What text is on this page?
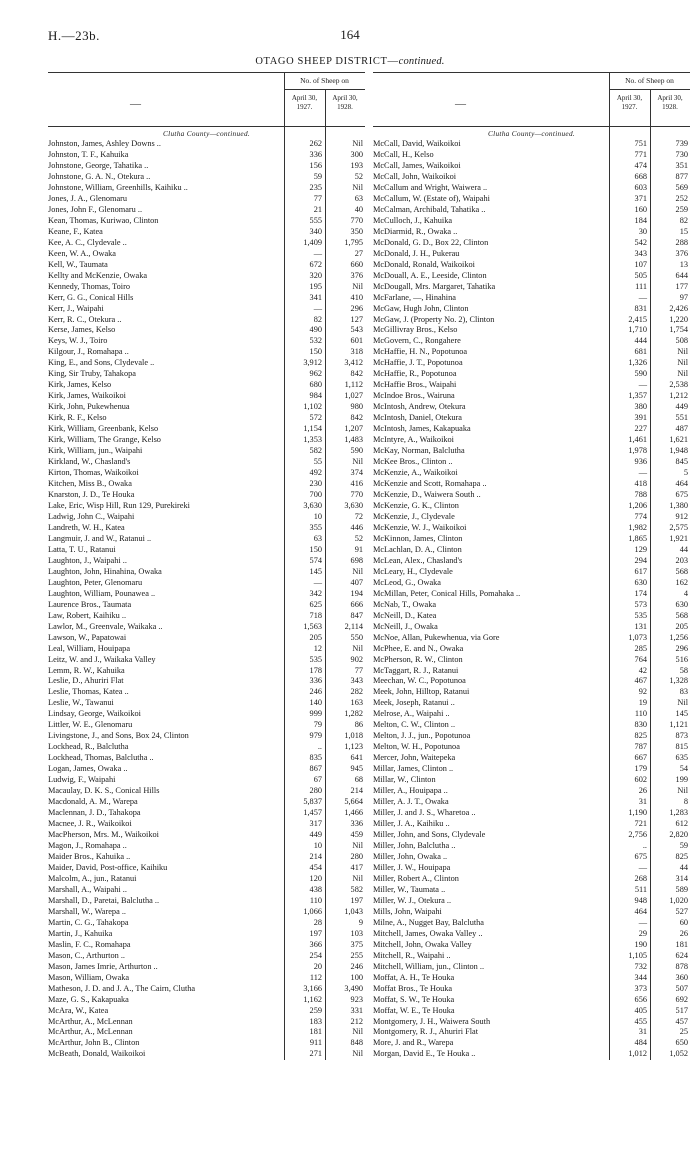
H.—23b.	164
OTAGO SHEEP DISTRICT—continued.
—
No. of Sheep on
April 30, 1927.
April 30, 1928.
Clutha County—continued.
Johnston, James, Ashley Downs ..	262	Nil
Johnston, T. F., Kahuika	336	300
Johnstone, George, Tahatika ..	156	193
Johnstone, G. A. N., Otekura ..	59	52
Johnstone, William, Greenhills, Kaihiku ..	235	Nil
Jones, J. A., Glenomaru	77	63
Jones, John F., Glenomaru ..	21	40
Kean, Thomas, Kuriwao, Clinton	555	770
Keane, F., Katea	340	350
Kee, A. C., Clydevale ..	1,409	1,795
Keen, W. A., Owaka	—	27
Kell, W., Taumata	672	660
Kellty and McKenzie, Owaka	320	376
Kennedy, Thomas, Toiro	195	Nil
Kerr, G. G., Conical Hills	341	410
Kerr, J., Waipahi	—	296
Kerr, R. C., Otekura ..	82	127
Kerse, James, Kelso	490	543
Keys, W. J., Toiro	532	601
Kilgour, J., Romahapa ..	150	318
King, E., and Sons, Clydevale ..	3,912	3,412
King, Sir Truby, Tahakopa	962	842
Kirk, James, Kelso	680	1,112
Kirk, James, Waikoikoi	984	1,027
Kirk, John, Pukewhenua	1,102	980
Kirk, R. F., Kelso	572	842
Kirk, William, Greenbank, Kelso	1,154	1,207
Kirk, William, The Grange, Kelso	1,353	1,483
Kirk, William, jun., Waipahi	582	590
Kirkland, W., Chasland's	55	Nil
Kirton, Thomas, Waikoikoi	492	374
Kitchen, Miss B., Owaka	230	416
Knarston, J. D., Te Houka	700	770
Lake, Eric, Wisp Hill, Run 129, Purekireki	3,630	3,630
Ladwig, John C., Waipahi	10	72
Landreth, W. H., Katea	355	446
Langmuir, J. and W., Ratanui ..	63	52
Latta, T. U., Ratanui	150	91
Laughton, J., Waipahi ..	574	698
Laughton, John, Hinahina, Owaka	145	Nil
Laughton, Peter, Glenomaru	—	407
Laughton, William, Pounawea ..	342	194
Laurence Bros., Taumata	625	666
Law, Robert, Kaihiku ..	718	847
Lawlor, M., Greenvale, Waikaka ..	1,563	2,114
Lawson, W., Papatowai	205	550
Leal, William, Houipapa	12	Nil
Leitz, W. and J., Waikaka Valley	535	902
Lemm, R. W., Kahuika	178	77
Leslie, D., Ahuriri Flat	336	343
Leslie, Thomas, Katea ..	246	282
Leslie, W., Tawanui	140	163
Lindsay, George, Waikoikoi	999	1,282
Littler, W. E., Glenomaru	79	86
Livingstone, J., and Sons, Box 24, Clinton	979	1,018
Lockhead, R., Balclutha	..	1,123
Lockhead, Thomas, Balclutha ..	835	641
Logan, James, Owaka ..	867	945
Ludwig, F., Waipahi	67	68
Macaulay, D. K. S., Conical Hills	280	214
Macdonald, A. M., Warepa	5,837	5,664
Maclennan, J. D., Tahakopa	1,457	1,466
Macnee, J. R., Waikoikoi	317	336
MacPherson, Mrs. M., Waikoikoi	449	459
Magon, J., Romahapa ..	10	Nil
Maider Bros., Kahuika ..	214	280
Maider, David, Post-office, Kaihiku	454	417
Malcolm, A., jun., Ratanui	120	Nil
Marshall, A., Waipahi ..	438	582
Marshall, D., Paretai, Balclutha ..	110	197
Marshall, W., Warepa ..	1,066	1,043
Martin, C. G., Tahakopa	28	9
Martin, J., Kahuika	197	103
Maslin, F. C., Romahapa	366	375
Mason, C., Arthurton ..	254	255
Mason, James Imrie, Arthurton ..	20	246
Mason, William, Owaka	112	100
Matheson, J. D. and J. A., The Cairn, Clutha	3,166	3,490
Maze, G. S., Kakapuaka	1,162	923
McAra, W., Katea	259	331
McArthur, A., McLennan	183	212
McArthur, A., McLennan	181	Nil
McArthur, John B., Clinton	911	848
McBeath, Donald, Waikoikoi	271	Nil
—
No. of Sheep on
April 30, 1927.
April 30, 1928.
Clutha County—continued.
McCall, David, Waikoikoi	751	739
McCall, H., Kelso	771	730
McCall, James, Waikoikoi	474	351
McCall, John, Waikoikoi	668	877
McCallum and Wright, Waiwera ..	603	569
McCallum, W. (Estate of), Waipahi	371	252
McCalman, Archibald, Tahatika ..	160	259
McCulloch, J., Kahuika	184	82
McDiarmid, R., Owaka ..	30	15
McDonald, G. D., Box 22, Clinton	542	288
McDonald, J. H., Pukerau	343	376
McDonald, Ronald, Waikoikoi	107	13
McDouall, A. E., Leeside, Clinton	505	644
McDougall, Mrs. Margaret, Tahatika	111	177
McFarlane, —, Hinahina	—	97
McGaw, Hugh John, Clinton	831	2,426
McGaw, J. (Property No. 2), Clinton	2,415	1,220
McGillivray Bros., Kelso	1,710	1,754
McGovern, C., Rongahere	444	508
McHaffie, H. N., Popotunoa	681	Nil
McHaffie, J. T., Popotunoa	1,326	Nil
McHaffie, R., Popotunoa	590	Nil
McHaffie Bros., Waipahi	—	2,538
McIndoe Bros., Wairuna	1,357	1,212
McIntosh, Andrew, Otekura	380	449
McIntosh, Daniel, Otekura	391	551
McIntosh, James, Kakapuaka	227	487
McIntyre, A., Waikoikoi	1,461	1,621
McKay, Norman, Balclutha	1,978	1,948
McKee Bros., Clinton ..	936	845
McKenzie, A., Waikoikoi	—	5
McKenzie and Scott, Romahapa ..	418	464
McKenzie, D., Waiwera South ..	788	675
McKenzie, G. K., Clinton	1,206	1,380
McKenzie, J., Clydevale	774	912
McKenzie, W. J., Waikoikoi	1,982	2,575
McKinnon, James, Clinton	1,865	1,921
McLachlan, D. A., Clinton	129	44
McLean, Alex., Chasland's	294	203
McLeary, H., Clydevale	617	568
McLeod, G., Owaka	630	162
McMillan, Peter, Conical Hills, Pomahaka ..	174	4
McNab, T., Owaka	573	630
McNeill, D., Katea	535	568
McNeill, J., Owaka	131	205
McNoe, Allan, Pukewhenua, via Gore	1,073	1,256
McPhee, E. and N., Owaka	285	296
McPherson, R. W., Clinton	764	516
McTaggart, R. J., Ratanui	42	58
Meechan, W. C., Popotunoa	467	1,328
Meek, John, Hilltop, Ratanui	92	83
Meek, Joseph, Ratanui ..	19	Nil
Melrose, A., Waipahi ..	110	145
Melton, C. W., Clinton ..	830	1,121
Melton, J. J., jun., Popotunoa	825	873
Melton, W. H., Popotunoa	787	815
Mercer, John, Waitepeka	667	635
Millar, James, Clinton ..	179	54
Millar, W., Clinton	602	199
Miller, A., Houipapa ..	26	Nil
Miller, A. J. T., Owaka	31	8
Miller, J. and J. S., Wharetoa ..	1,190	1,283
Miller, J. A., Kaihiku ..	721	612
Miller, John, and Sons, Clydevale	2,756	2,820
Miller, John, Balclutha ..	..	59
Miller, John, Owaka ..	675	825
Miller, J. W., Houipapa	—	44
Miller, Robert A., Clinton	268	314
Miller, W., Taumata ..	511	589
Miller, W. J., Otekura ..	948	1,020
Mills, John, Waipahi	464	527
Milne, A., Nugget Bay, Balclutha	—	60
Mitchell, James, Owaka Valley ..	29	26
Mitchell, John, Owaka Valley	190	181
Mitchell, R., Waipahi ..	1,105	624
Mitchell, William, jun., Clinton ..	732	878
Moffat, A. H., Te Houka	344	360
Moffat Bros., Te Houka	373	507
Moffat, S. W., Te Houka	656	692
Moffat, W. E., Te Houka	405	517
Montgomery, J. H., Waiwera South	455	457
Montgomery, R. J., Ahuriri Flat	31	25
More, J. and R., Warepa	484	650
Morgan, David E., Te Houka ..	1,012	1,052
